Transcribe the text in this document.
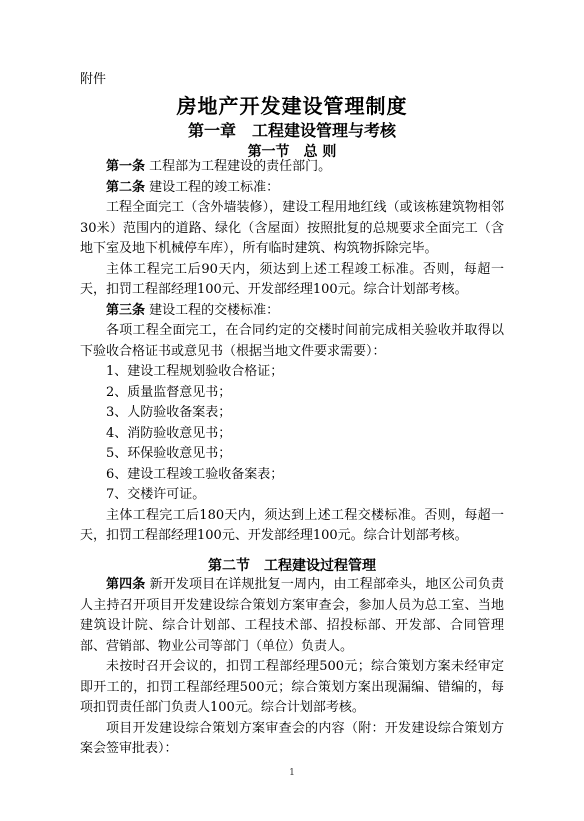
附件
房地产开发建设管理制度
第一章　工程建设管理与考核
第一节　总 则

第一条 工程部为工程建设的责任部门。

第二条 建设工程的竣工标准：

工程全面完工（含外墙装修），建设工程用地红线（或该栋建筑物相邻30米）范围内的道路、绿化（含屋面）按照批复的总规要求全面完工（含地下室及地下机械停车库），所有临时建筑、构筑物拆除完毕。

主体工程完工后90天内，须达到上述工程竣工标准。否则，每超一天，扣罚工程部经理100元、开发部经理100元。综合计划部考核。

第三条 建设工程的交楼标准：

各项工程全面完工，在合同约定的交楼时间前完成相关验收并取得以下验收合格证书或意见书（根据当地文件要求需要）：

1、建设工程规划验收合格证；

2、质量监督意见书；

3、人防验收备案表；

4、消防验收意见书；

5、环保验收意见书；

6、建设工程竣工验收备案表；

7、交楼许可证。

主体工程完工后180天内，须达到上述工程交楼标准。否则，每超一天，扣罚工程部经理100元、开发部经理100元。综合计划部考核。

第二节　工程建设过程管理

第四条 新开发项目在详规批复一周内，由工程部牵头，地区公司负责人主持召开项目开发建设综合策划方案审查会，参加人员为总工室、当地建筑设计院、综合计划部、工程技术部、招投标部、开发部、合同管理部、营销部、物业公司等部门（单位）负责人。

未按时召开会议的，扣罚工程部经理500元；综合策划方案未经审定即开工的，扣罚工程部经理500元；综合策划方案出现漏编、错编的，每项扣罚责任部门负责人100元。综合计划部考核。

项目开发建设综合策划方案审查会的内容（附：开发建设综合策划方案会签审批表）：

1
